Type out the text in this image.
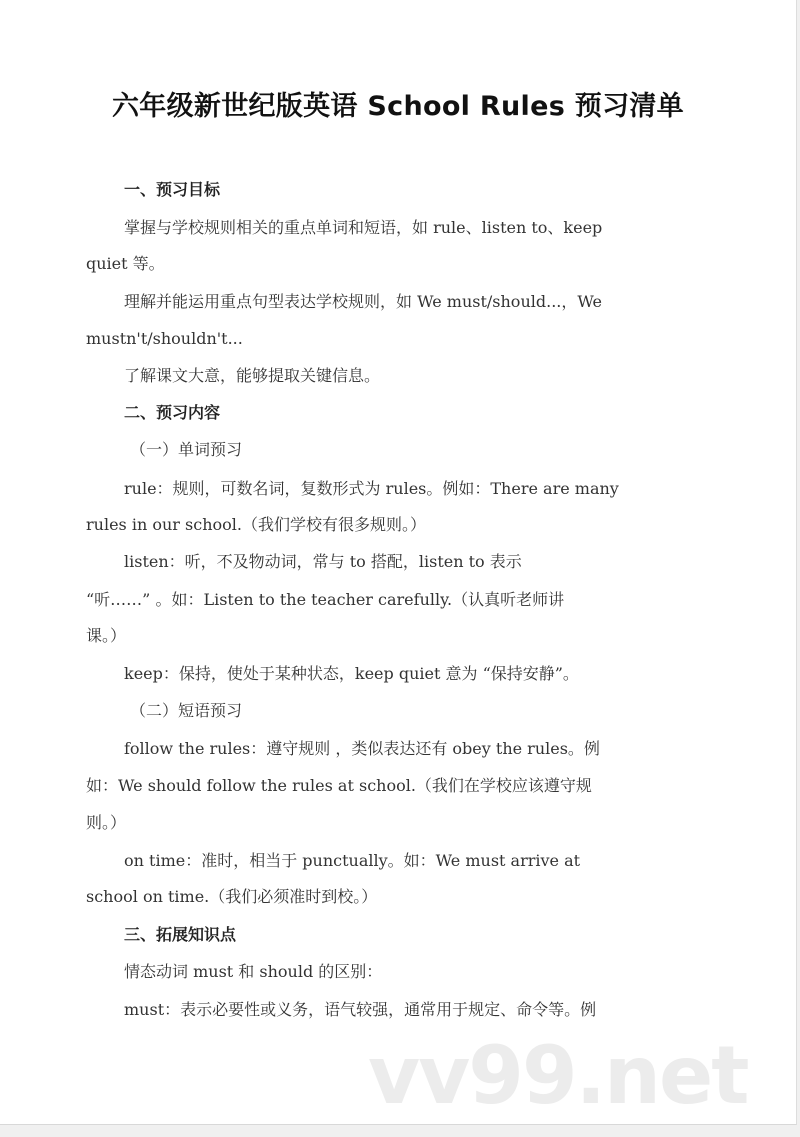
六年级新世纪版英语 School Rules 预习清单
一、预习目标
掌握与学校规则相关的重点单词和短语，如 rule、listen to、keep
quiet 等。
理解并能运用重点句型表达学校规则，如 We must/should...，We
mustn't/shouldn't...
了解课文大意，能够提取关键信息。
二、预习内容
（一）单词预习
rule：规则，可数名词，复数形式为 rules。例如：There are many
rules in our school.（我们学校有很多规则。）
listen：听，不及物动词，常与 to 搭配，listen to 表示
“听……” 。如：Listen to the teacher carefully.（认真听老师讲
课。）
keep：保持，使处于某种状态，keep quiet 意为 “保持安静”。
（二）短语预习
follow the rules：遵守规则 ，类似表达还有 obey the rules。例
如：We should follow the rules at school.（我们在学校应该遵守规
则。）
on time：准时，相当于 punctually。如：We must arrive at
school on time.（我们必须准时到校。）
三、拓展知识点
情态动词 must 和 should 的区别：
must：表示必要性或义务，语气较强，通常用于规定、命令等。例
vv99.net
